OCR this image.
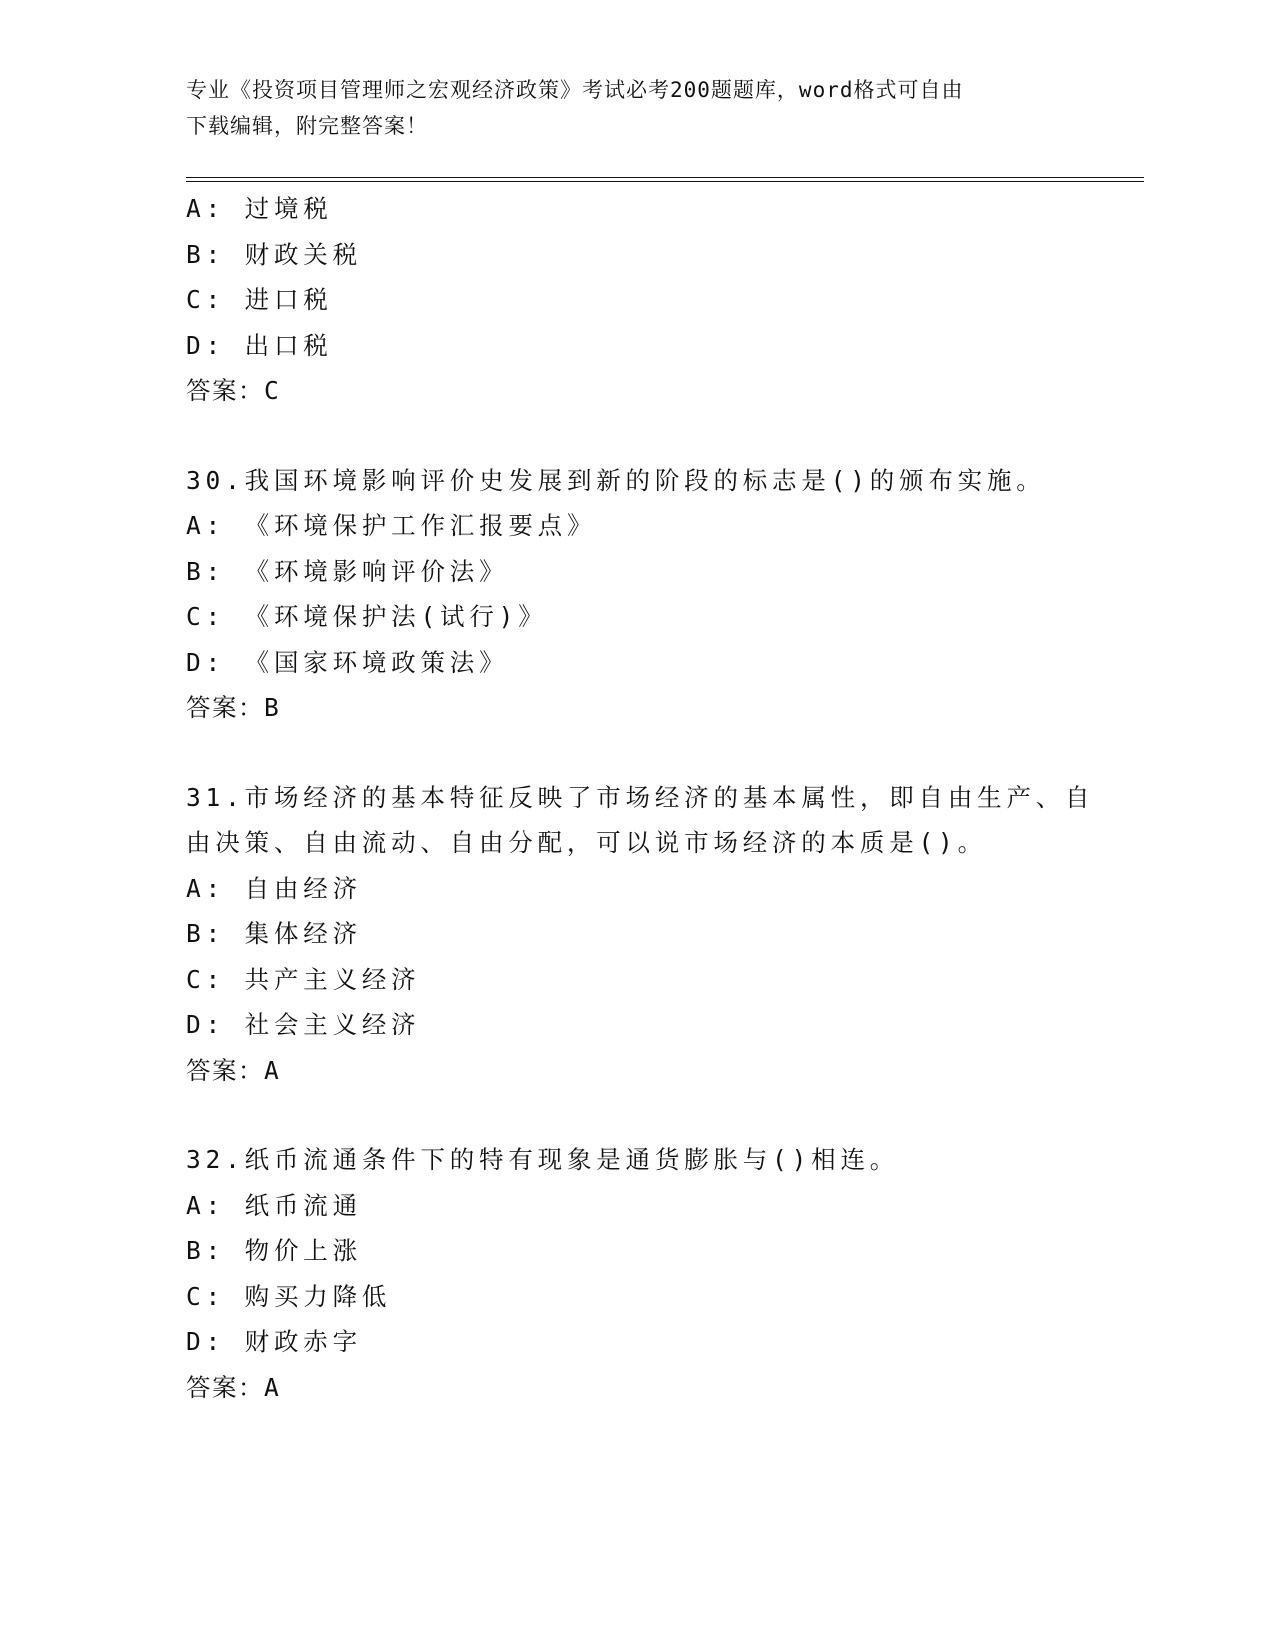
专业《投资项目管理师之宏观经济政策》考试必考200题题库，word格式可自由
下载编辑，附完整答案！
A: 过境税
B: 财政关税
C: 进口税
D: 出口税
答案：C
30.我国环境影响评价史发展到新的阶段的标志是()的颁布实施。
A: 《环境保护工作汇报要点》
B: 《环境影响评价法》
C: 《环境保护法(试行)》
D: 《国家环境政策法》
答案：B
31.市场经济的基本特征反映了市场经济的基本属性，即自由生产、自
由决策、自由流动、自由分配，可以说市场经济的本质是()。
A: 自由经济
B: 集体经济
C: 共产主义经济
D: 社会主义经济
答案：A
32.纸币流通条件下的特有现象是通货膨胀与()相连。
A: 纸币流通
B: 物价上涨
C: 购买力降低
D: 财政赤字
答案：A
